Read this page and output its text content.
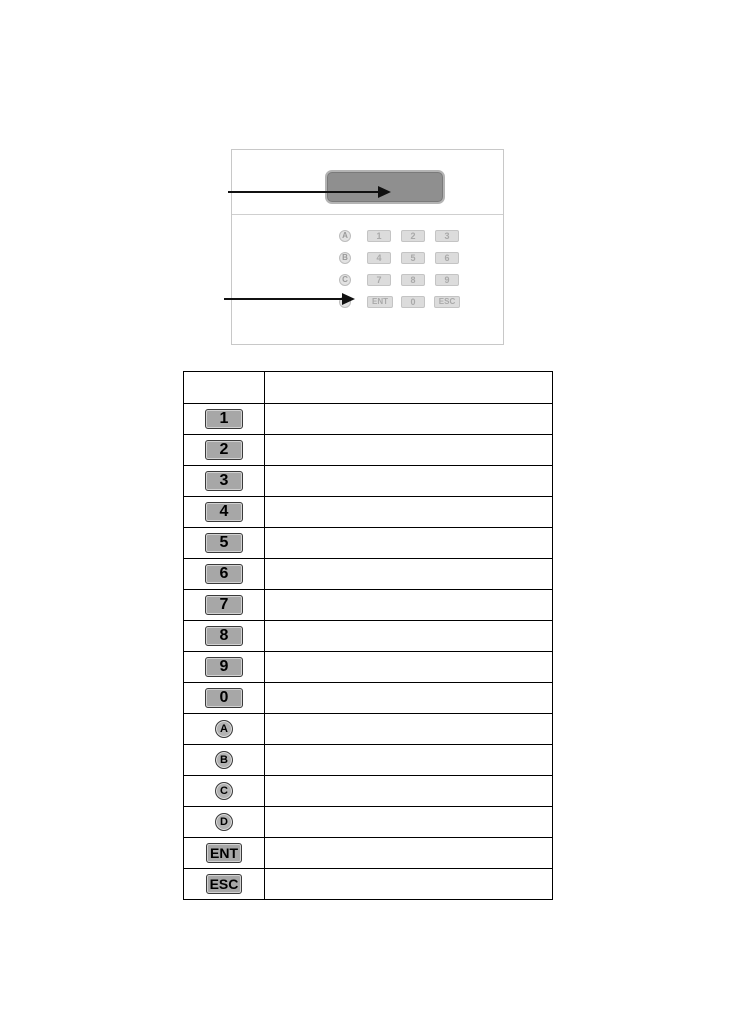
A
B
C
1	2	3
4	5	6
7	8	9
ENT	0	ESC

1	
2	
3	
4	
5	
6	
7	
8	
9	
0	
A	
B	
C	
D	
ENT	
ESC	
